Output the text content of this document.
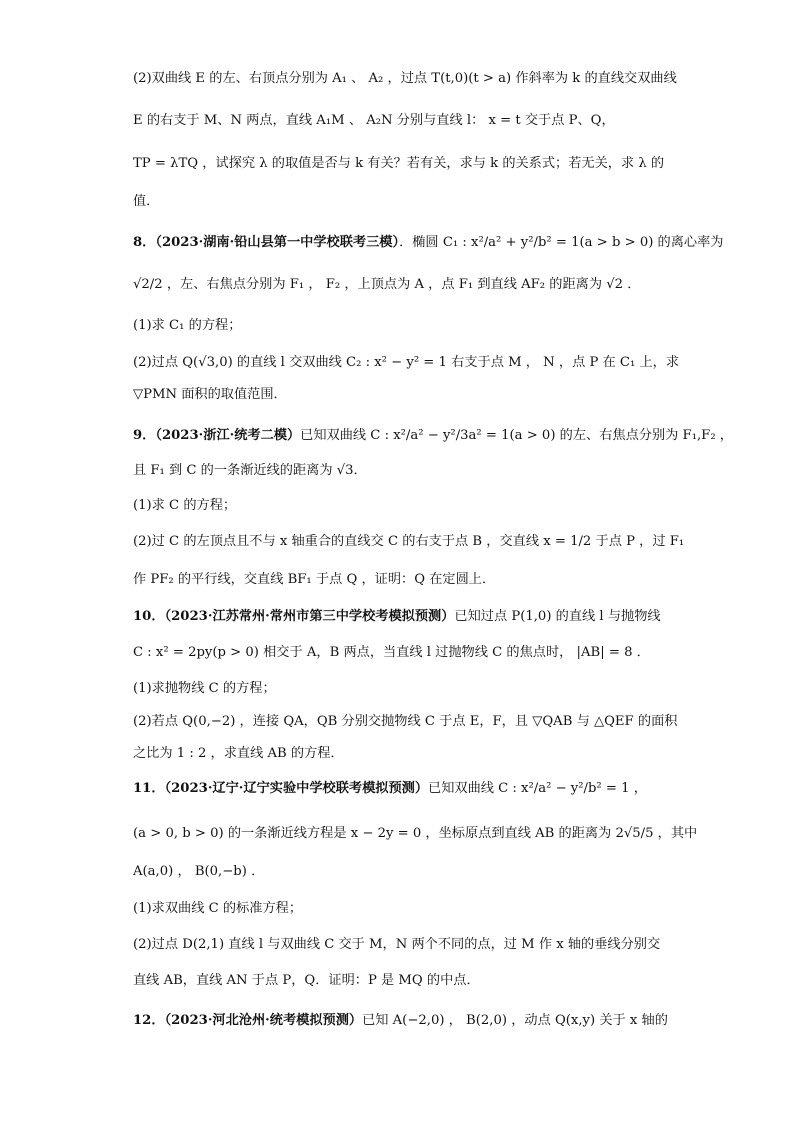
(2)双曲线 E 的左、右顶点分别为 A₁ 、 A₂ ，过点 T(t,0)(t > a) 作斜率为 k 的直线交双曲线
E 的右支于 M、N 两点，直线 A₁M 、 A₂N 分别与直线 l： x = t 交于点 P、Q，
TP = λTQ ，试探究 λ 的取值是否与 k 有关？若有关，求与 k 的关系式；若无关，求 λ 的
值．
8．（2023·湖南·铅山县第一中学校联考三模）．椭圆 C₁ : x²/a² + y²/b² = 1(a > b > 0) 的离心率为
√2/2 ，左、右焦点分别为 F₁ ， F₂ ，上顶点为 A ，点 F₁ 到直线 AF₂ 的距离为 √2 ．
(1)求 C₁ 的方程；
(2)过点 Q(√3,0) 的直线 l 交双曲线 C₂ : x² − y² = 1 右支于点 M ， N ，点 P 在 C₁ 上，求
▽PMN 面积的取值范围．
9．（2023·浙江·统考二模）已知双曲线 C : x²/a² − y²/3a² = 1(a > 0) 的左、右焦点分别为 F₁,F₂ ，
且 F₁ 到 C 的一条渐近线的距离为 √3．
(1)求 C 的方程；
(2)过 C 的左顶点且不与 x 轴重合的直线交 C 的右支于点 B ，交直线 x = 1/2 于点 P ，过 F₁
作 PF₂ 的平行线，交直线 BF₁ 于点 Q ，证明：Q 在定圆上．
10．（2023·江苏常州·常州市第三中学校考模拟预测）已知过点 P(1,0) 的直线 l 与抛物线
C : x² = 2py(p > 0) 相交于 A，B 两点，当直线 l 过抛物线 C 的焦点时， |AB| = 8 ．
(1)求抛物线 C 的方程；
(2)若点 Q(0,−2) ，连接 QA，QB 分别交抛物线 C 于点 E，F，且 ▽QAB 与 △QEF 的面积
之比为 1 : 2 ，求直线 AB 的方程．
11．（2023·辽宁·辽宁实验中学校联考模拟预测）已知双曲线 C : x²/a² − y²/b² = 1 ，
(a > 0, b > 0) 的一条渐近线方程是 x − 2y = 0 ，坐标原点到直线 AB 的距离为 2√5/5 ，其中
A(a,0) ， B(0,−b) ．
(1)求双曲线 C 的标准方程；
(2)过点 D(2,1) 直线 l 与双曲线 C 交于 M，N 两个不同的点，过 M 作 x 轴的垂线分别交
直线 AB，直线 AN 于点 P，Q．证明：P 是 MQ 的中点．
12．（2023·河北沧州·统考模拟预测）已知 A(−2,0) ， B(2,0) ，动点 Q(x,y) 关于 x 轴的
